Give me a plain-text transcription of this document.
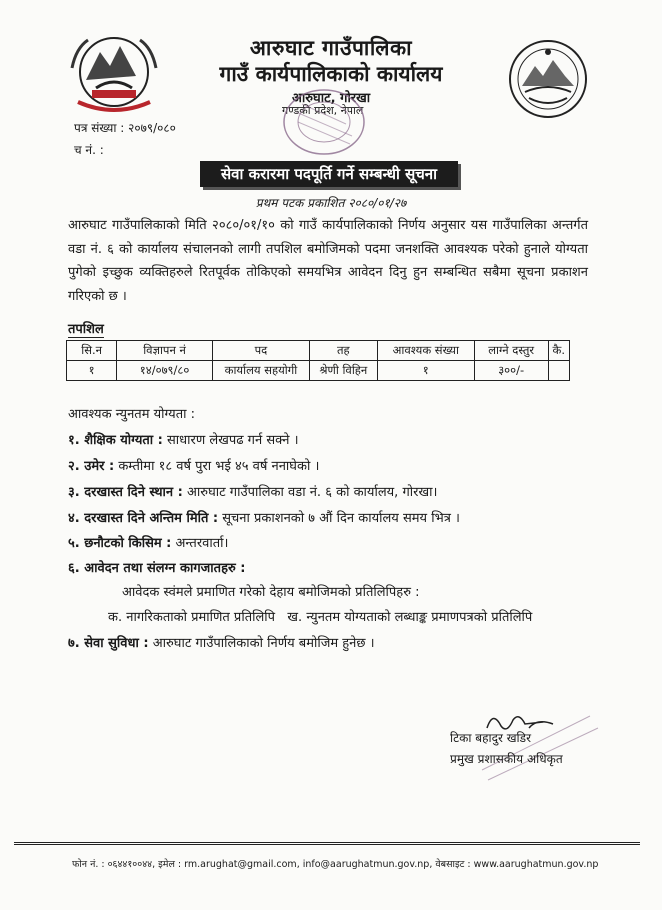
आरुघाट गाउँपालिका
गाउँ कार्यपालिकाको कार्यालय
आरुघाट, गोरखा
गण्डकी प्रदेश, नेपाल
पत्र संख्या : २०७९/०८०
च नं. :
सेवा करारमा पदपूर्ति गर्ने सम्बन्धी सूचना
प्रथम पटक प्रकाशित २०८०/०१/२७
आरुघाट गाउँपालिकाको मिति २०८०/०१/१० को गाउँ कार्यपालिकाको निर्णय अनुसार यस गाउँपालिका अन्तर्गत वडा नं. ६ को कार्यालय संचालनको लागी तपशिल बमोजिमको पदमा जनशक्ति आवश्यक परेको हुनाले योग्यता पुगेको इच्छुक व्यक्तिहरुले रितपूर्वक तोकिएको समयभित्र आवेदन दिनु हुन सम्बन्धित सबैमा सूचना प्रकाशन गरिएको छ ।
तपशिल
सि.न	विज्ञापन नं	पद	तह	आवश्यक संख्या	लाग्ने दस्तुर	कै.
१	१४/०७९/८०	कार्यालय सहयोगी	श्रेणी विहिन	१	३००/-	
आवश्यक न्युनतम योग्यता :
१. शैक्षिक योग्यता : साधारण लेखपढ गर्न सक्ने ।
२. उमेर : कम्तीमा १८ वर्ष पुरा भई ४५ वर्ष ननाघेको ।
३. दरखास्त दिने स्थान : आरुघाट गाउँपालिका वडा नं. ६ को कार्यालय, गोरखा।
४. दरखास्त दिने अन्तिम मिति : सूचना प्रकाशनको ७ औं दिन कार्यालय समय भित्र ।
५. छनौटको किसिम : अन्तरवार्ता।
६. आवेदन तथा संलग्न कागजातहरु :
आवेदक स्वंमले प्रमाणित गरेको देहाय बमोजिमको प्रतिलिपिहरु :
क. नागरिकताको प्रमाणित प्रतिलिपि   ख. न्युनतम योग्यताको लब्धाङ्क प्रमाणपत्रको प्रतिलिपि
७. सेवा सुविधा : आरुघाट गाउँपालिकाको निर्णय बमोजिम हुनेछ ।
टिका बहादुर खडिर
प्रमुख प्रशासकीय अधिकृत
फोन नं. : ०६४४१००४४, इमेल : rm.arughat@gmail.com, info@aarughatmun.gov.np, वेबसाइट : www.aarughatmun.gov.np
